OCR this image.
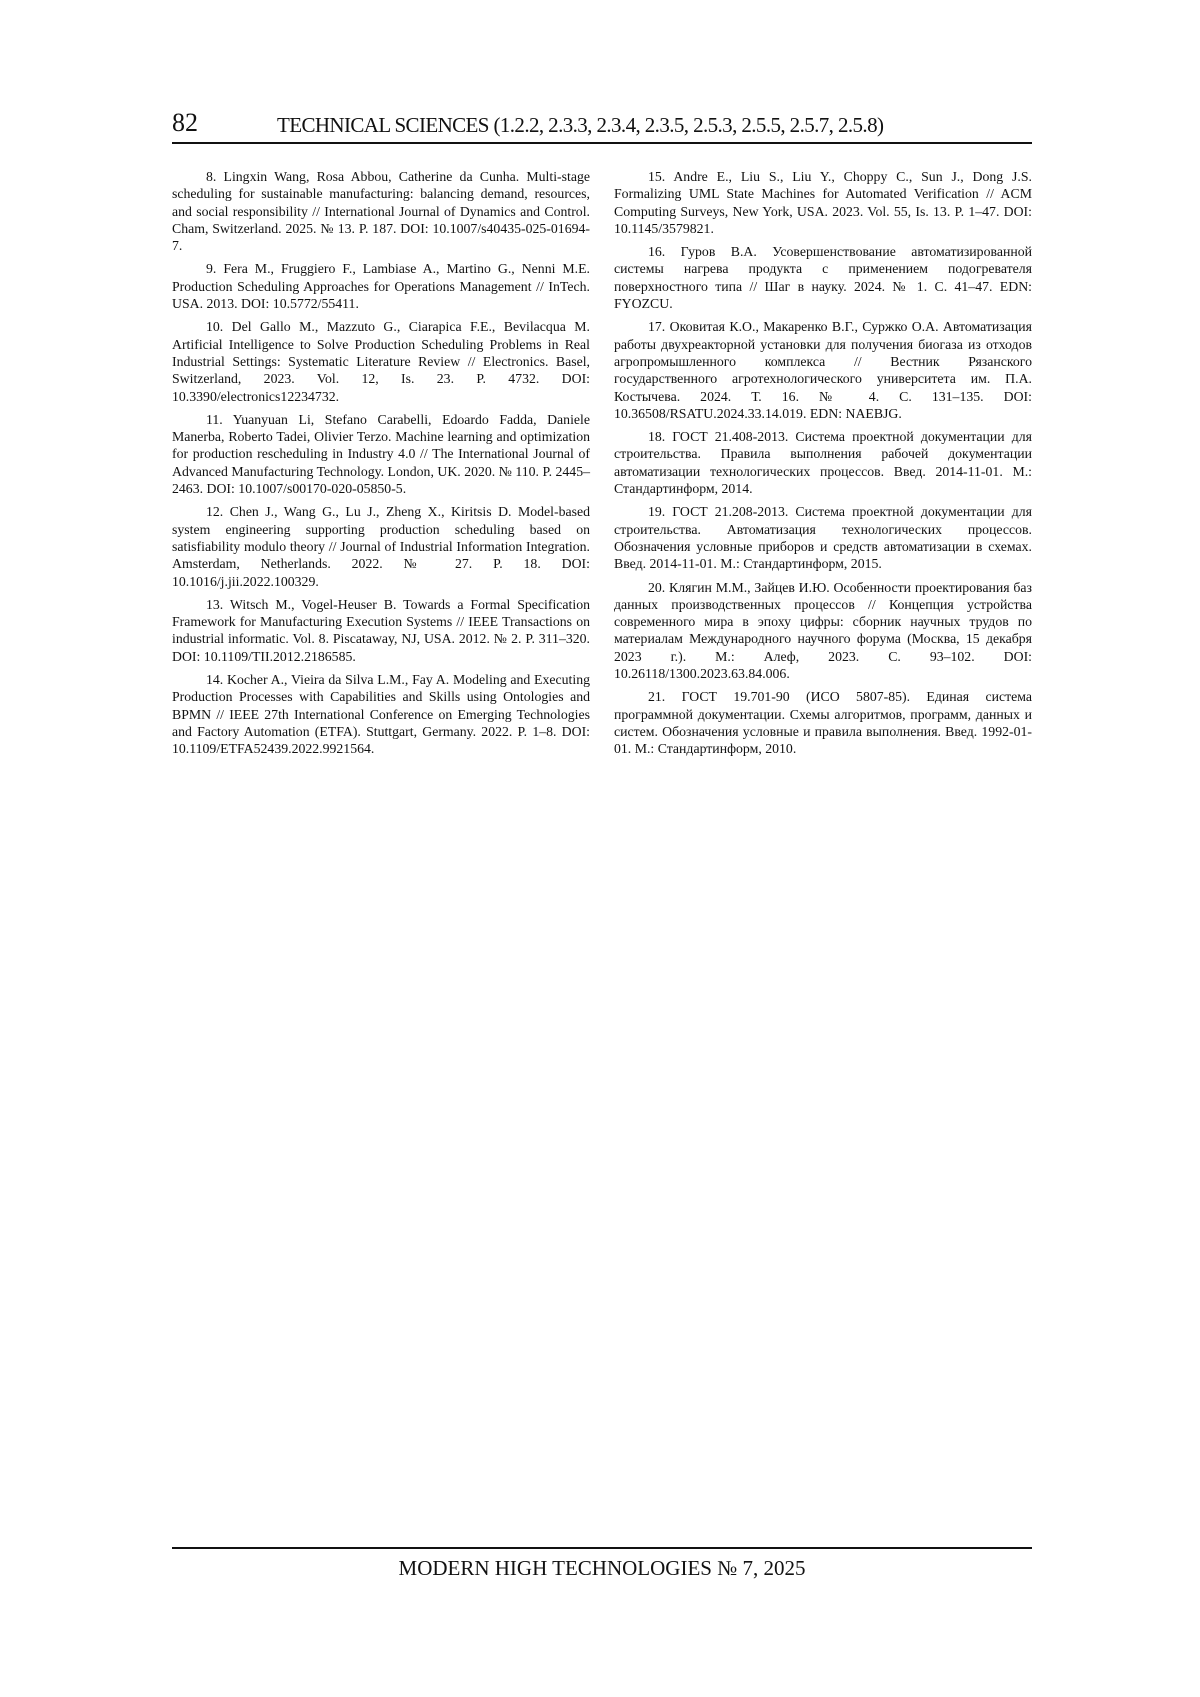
82	TECHNICAL SCIENCES (1.2.2, 2.3.3, 2.3.4, 2.3.5, 2.5.3, 2.5.5, 2.5.7, 2.5.8)

8. Lingxin Wang, Rosa Abbou, Catherine da Cunha. Multi-stage scheduling for sustainable manufacturing: balancing demand, resources, and social responsibility // International Journal of Dynamics and Control. Cham, Switzerland. 2025. № 13. P. 187. DOI: 10.1007/s40435-025-01694-7.

9. Fera M., Fruggiero F., Lambiase A., Martino G., Nenni M.E. Production Scheduling Approaches for Operations Management // InTech. USA. 2013. DOI: 10.5772/55411.

10. Del Gallo M., Mazzuto G., Ciarapica F.E., Bevilacqua M. Artificial Intelligence to Solve Production Scheduling Problems in Real Industrial Settings: Systematic Literature Review // Electronics. Basel, Switzerland, 2023. Vol. 12, Is. 23. P. 4732. DOI: 10.3390/electronics12234732.

11. Yuanyuan Li, Stefano Carabelli, Edoardo Fadda, Daniele Manerba, Roberto Tadei, Olivier Terzo. Machine learning and optimization for production rescheduling in Industry 4.0 // The International Journal of Advanced Manufacturing Technology. London, UK. 2020. № 110. P. 2445–2463. DOI: 10.1007/s00170-020-05850-5.

12. Chen J., Wang G., Lu J., Zheng X., Kiritsis D. Model-based system engineering supporting production scheduling based on satisfiability modulo theory // Journal of Industrial Information Integration. Amsterdam, Netherlands. 2022. № 27. P. 18. DOI: 10.1016/j.jii.2022.100329.

13. Witsch M., Vogel-Heuser B. Towards a Formal Specification Framework for Manufacturing Execution Systems // IEEE Transactions on industrial informatic. Vol. 8. Piscataway, NJ, USA. 2012. № 2. P. 311–320. DOI: 10.1109/TII.2012.2186585.

14. Kocher A., Vieira da Silva L.M., Fay A. Modeling and Executing Production Processes with Capabilities and Skills using Ontologies and BPMN // IEEE 27th International Conference on Emerging Technologies and Factory Automation (ETFA). Stuttgart, Germany. 2022. P. 1–8. DOI: 10.1109/ETFA52439.2022.9921564.

15. Andre E., Liu S., Liu Y., Choppy C., Sun J., Dong J.S. Formalizing UML State Machines for Automated Verification // ACM Computing Surveys, New York, USA. 2023. Vol. 55, Is. 13. P. 1–47. DOI: 10.1145/3579821.

16. Гуров В.А. Усовершенствование автоматизированной системы нагрева продукта с применением подогревателя поверхностного типа // Шаг в науку. 2024. № 1. С. 41–47. EDN: FYOZCU.

17. Оковитая К.О., Макаренко В.Г., Суржко О.А. Автоматизация работы двухреакторной установки для получения биогаза из отходов агропромышленного комплекса // Вестник Рязанского государственного агротехнологического университета им. П.А. Костычева. 2024. Т. 16. № 4. С. 131–135. DOI: 10.36508/RSATU.2024.33.14.019. EDN: NAEBJG.

18. ГОСТ 21.408-2013. Система проектной документации для строительства. Правила выполнения рабочей документации автоматизации технологических процессов. Введ. 2014-11-01. М.: Стандартинформ, 2014.

19. ГОСТ 21.208-2013. Система проектной документации для строительства. Автоматизация технологических процессов. Обозначения условные приборов и средств автоматизации в схемах. Введ. 2014-11-01. М.: Стандартинформ, 2015.

20. Клягин М.М., Зайцев И.Ю. Особенности проектирования баз данных производственных процессов // Концепция устройства современного мира в эпоху цифры: сборник научных трудов по материалам Международного научного форума (Москва, 15 декабря 2023 г.). М.: Алеф, 2023. С. 93–102. DOI: 10.26118/1300.2023.63.84.006.

21. ГОСТ 19.701-90 (ИСО 5807-85). Единая система программной документации. Схемы алгоритмов, программ, данных и систем. Обозначения условные и правила выполнения. Введ. 1992-01-01. М.: Стандартинформ, 2010.

MODERN HIGH TECHNOLOGIES № 7, 2025
